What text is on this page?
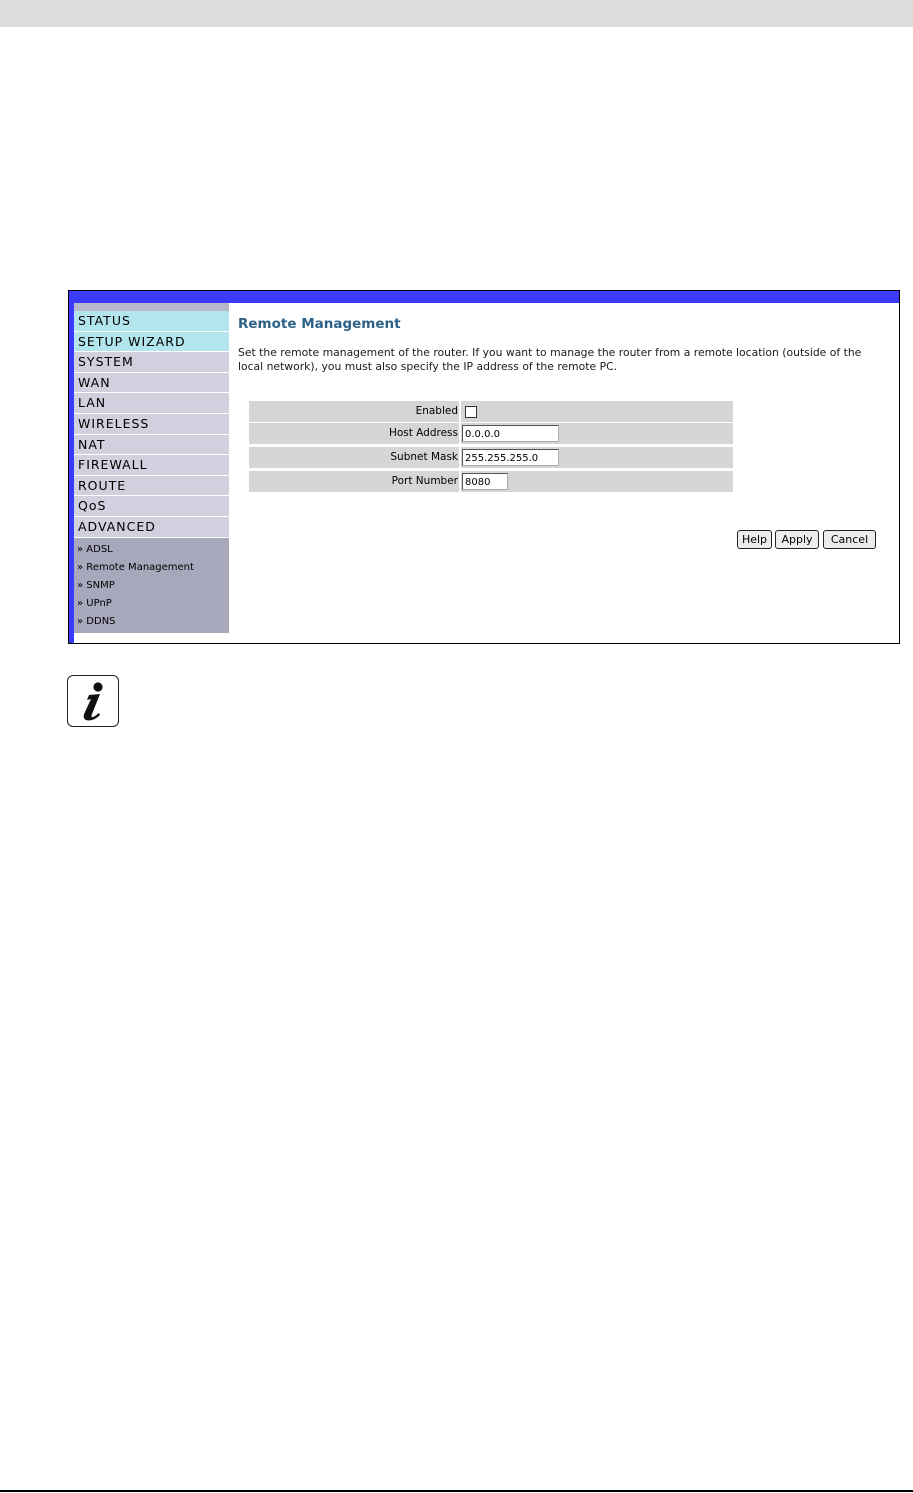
STATUS
SETUP WIZARD
SYSTEM
WAN
LAN
WIRELESS
NAT
FIREWALL
ROUTE
QoS
ADVANCED
» ADSL
» Remote Management
» SNMP
» UPnP
» DDNS
Remote Management
Set the remote management of the router. If you want to manage the router from a remote location (outside of the local network), you must also specify the IP address of the remote PC.
Enabled
Host Address 0.0.0.0
Subnet Mask 255.255.255.0
Port Number 8080
Help	Apply	Cancel
